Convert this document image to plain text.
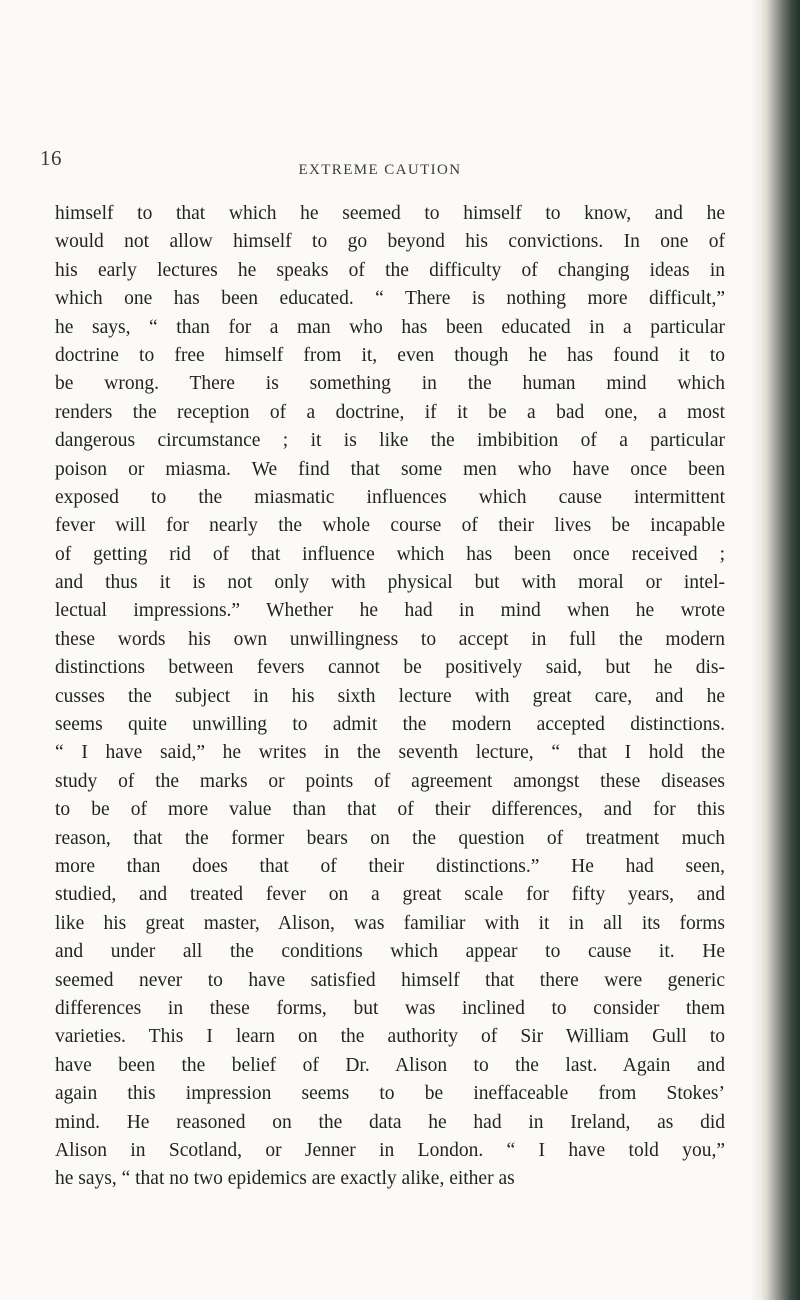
16	EXTREME CAUTION
himself to that which he seemed to himself to know, and he
would not allow himself to go beyond his convictions. In one of
his early lectures he speaks of the difficulty of changing ideas in
which one has been educated. “ There is nothing more difficult,”
he says, “ than for a man who has been educated in a particular
doctrine to free himself from it, even though he has found it to
be wrong. There is something in the human mind which
renders the reception of a doctrine, if it be a bad one, a most
dangerous circumstance ; it is like the imbibition of a particular
poison or miasma. We find that some men who have once been
exposed to the miasmatic influences which cause intermittent
fever will for nearly the whole course of their lives be incapable
of getting rid of that influence which has been once received ;
and thus it is not only with physical but with moral or intel-
lectual impressions.” Whether he had in mind when he wrote
these words his own unwillingness to accept in full the modern
distinctions between fevers cannot be positively said, but he dis-
cusses the subject in his sixth lecture with great care, and he
seems quite unwilling to admit the modern accepted distinctions.
“ I have said,” he writes in the seventh lecture, “ that I hold the
study of the marks or points of agreement amongst these diseases
to be of more value than that of their differences, and for this
reason, that the former bears on the question of treatment much
more than does that of their distinctions.” He had seen,
studied, and treated fever on a great scale for fifty years, and
like his great master, Alison, was familiar with it in all its forms
and under all the conditions which appear to cause it. He
seemed never to have satisfied himself that there were generic
differences in these forms, but was inclined to consider them
varieties. This I learn on the authority of Sir William Gull to
have been the belief of Dr. Alison to the last. Again and
again this impression seems to be ineffaceable from Stokes’
mind. He reasoned on the data he had in Ireland, as did
Alison in Scotland, or Jenner in London. “ I have told you,”
he says, “ that no two epidemics are exactly alike, either as
